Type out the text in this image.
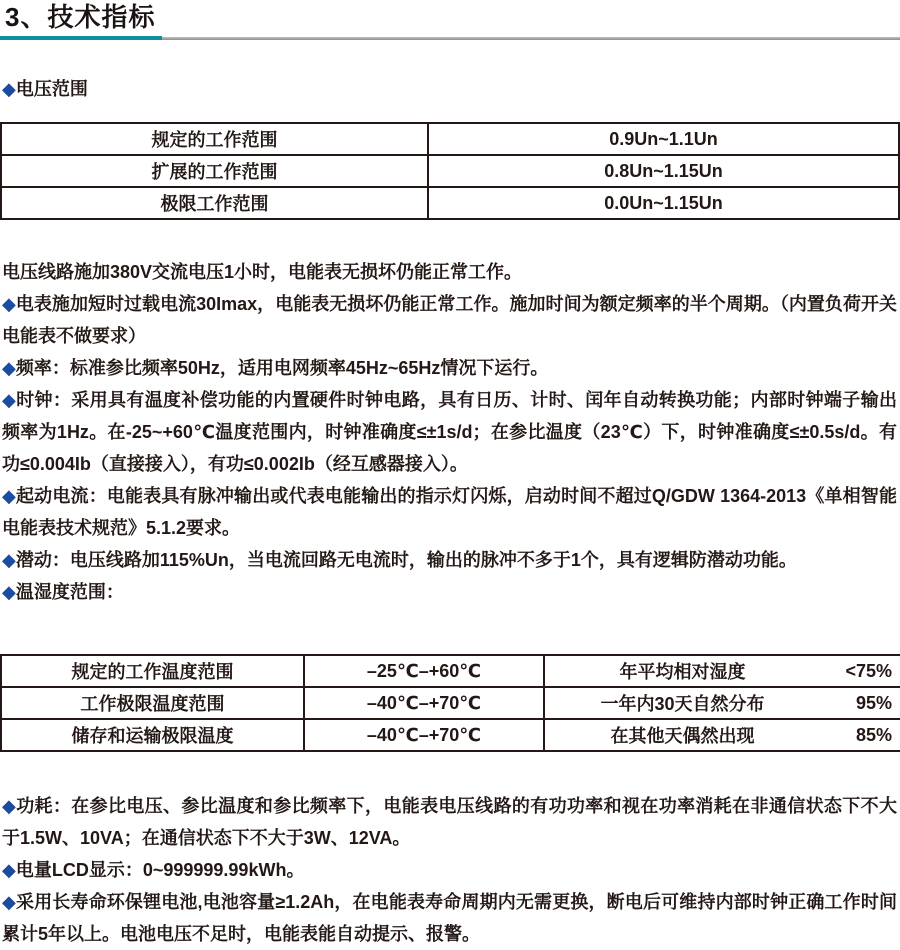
3、技术指标
◆电压范围
规定的工作范围	0.9Un~1.1Un
扩展的工作范围	0.8Un~1.15Un
极限工作范围	0.0Un~1.15Un

电压线路施加380V交流电压1小时，电能表无损坏仍能正常工作。

◆电表施加短时过载电流30Imax，电能表无损坏仍能正常工作。施加时间为额定频率的半个周期。（内置负荷开关电能表不做要求）

◆频率：标准参比频率50Hz，适用电网频率45Hz~65Hz情况下运行。

◆时钟：采用具有温度补偿功能的内置硬件时钟电路，具有日历、计时、闰年自动转换功能；内部时钟端子输出频率为1Hz。在-25~+60℃温度范围内，时钟准确度≤±1s/d；在参比温度（23℃）下，时钟准确度≤±0.5s/d。有功≤0.004Ib（直接接入），有功≤0.002Ib（经互感器接入）。

◆起动电流：电能表具有脉冲输出或代表电能输出的指示灯闪烁，启动时间不超过Q/GDW 1364-2013《单相智能电能表技术规范》5.1.2要求。

◆潜动：电压线路加115%Un，当电流回路无电流时，输出的脉冲不多于1个，具有逻辑防潜动功能。

◆温湿度范围：

规定的工作温度范围	–25℃–+60℃	年平均相对湿度 <75%

工作极限温度范围	–40℃–+70℃	一年内30天自然分布 95%

储存和运输极限温度	–40℃–+70℃	在其他天偶然出现 85%

◆功耗：在参比电压、参比温度和参比频率下，电能表电压线路的有功功率和视在功率消耗在非通信状态下不大于1.5W、10VA；在通信状态下不大于3W、12VA。

◆电量LCD显示：0~999999.99kWh。

◆采用长寿命环保锂电池,电池容量≥1.2Ah，在电能表寿命周期内无需更换，断电后可维持内部时钟正确工作时间累计5年以上。电池电压不足时，电能表能自动提示、报警。
